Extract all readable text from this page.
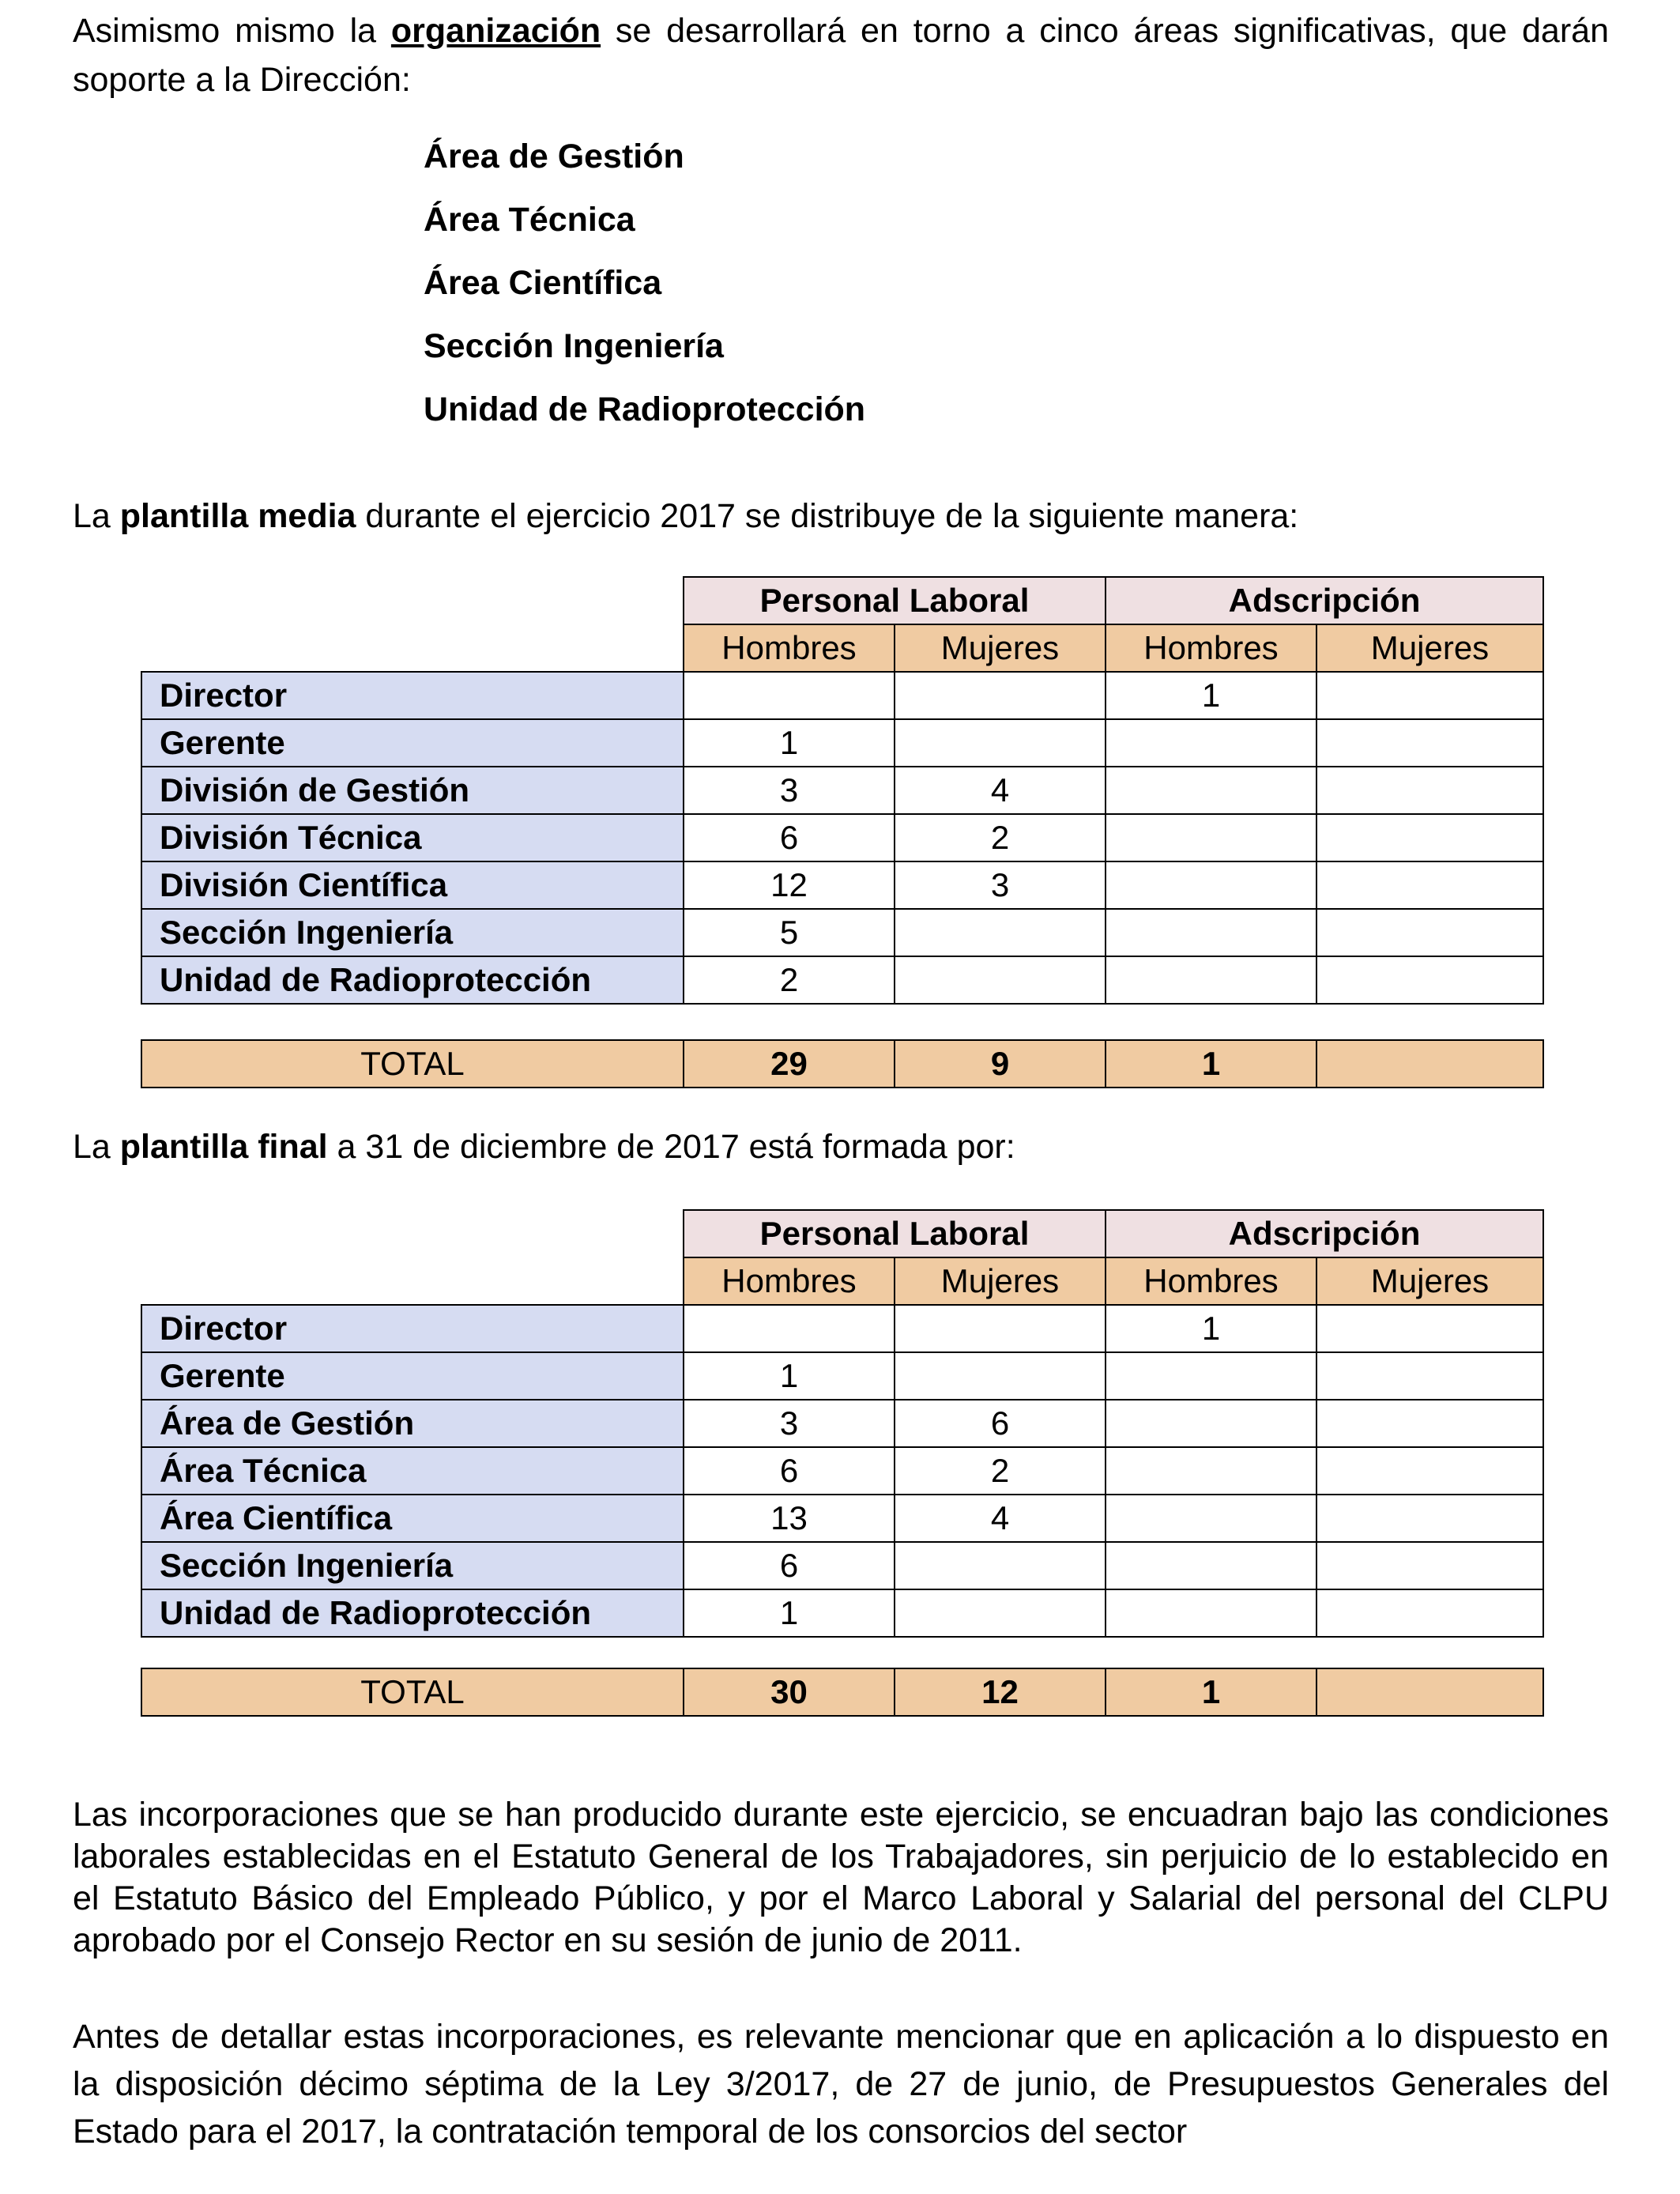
Asimismo mismo la organización se desarrollará en torno a cinco áreas significativas, que darán soporte a la Dirección:

Área de Gestión
Área Técnica
Área Científica
Sección Ingeniería
Unidad de Radioprotección

La plantilla media durante el ejercicio 2017 se distribuye de la siguiente manera:

	Personal Laboral		Adscripción	
	Hombres	Mujeres	Hombres	Mujeres
Director			1	
Gerente	1			
División de Gestión	3	4		
División Técnica	6	2		
División Científica	12	3		
Sección Ingeniería	5			
Unidad de Radioprotección	2			
TOTAL	29	9	1	

La plantilla final a 31 de diciembre de 2017 está formada por:

	Personal Laboral		Adscripción	
	Hombres	Mujeres	Hombres	Mujeres
Director			1	
Gerente	1			
Área de Gestión	3	6		
Área Técnica	6	2		
Área Científica	13	4		
Sección Ingeniería	6			
Unidad de Radioprotección	1			
TOTAL	30	12	1	

Las incorporaciones que se han producido durante este ejercicio, se encuadran bajo las condiciones laborales establecidas en el Estatuto General de los Trabajadores, sin perjuicio de lo establecido en el Estatuto Básico del Empleado Público, y por el Marco Laboral y Salarial del personal del CLPU aprobado por el Consejo Rector en su sesión de junio de 2011.

Antes de detallar estas incorporaciones, es relevante mencionar que en aplicación a lo dispuesto en la disposición décimo séptima de la Ley 3/2017, de 27 de junio, de Presupuestos Generales del Estado para el 2017, la contratación temporal de los consorcios del sector
